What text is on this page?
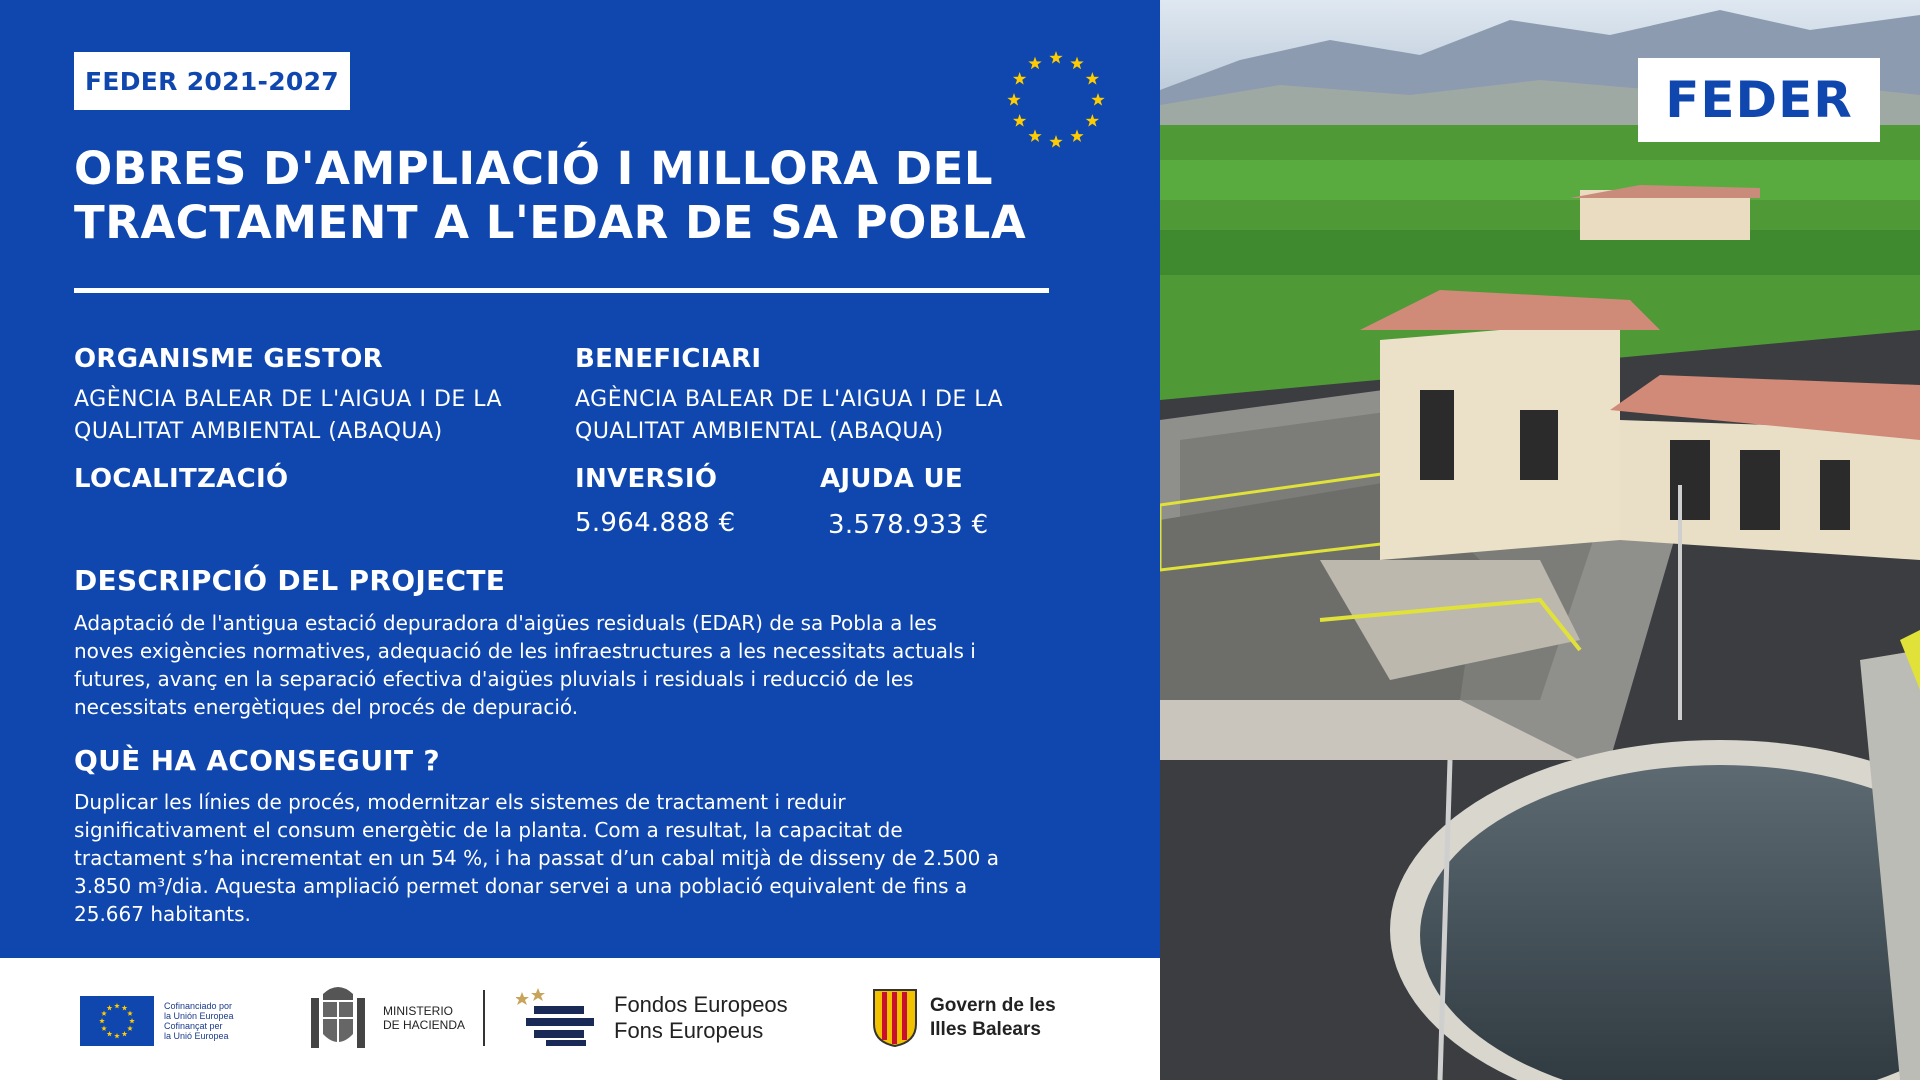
FEDER 2021-2027
OBRES D'AMPLIACIÓ I MILLORA DEL
TRACTAMENT A L'EDAR DE SA POBLA
ORGANISME GESTOR
AGÈNCIA BALEAR DE L'AIGUA I DE LA
QUALITAT AMBIENTAL (ABAQUA)
BENEFICIARI
AGÈNCIA BALEAR DE L'AIGUA I DE LA
QUALITAT AMBIENTAL (ABAQUA)
LOCALITZACIÓ	INVERSIÓ
5.964.888 €
AJUDA UE
3.578.933 €
DESCRIPCIÓ DEL PROJECTE

Adaptació de l'antigua estació depuradora d'aigües residuals (EDAR) de sa Pobla a les
noves exigències normatives, adequació de les infraestructures a les necessitats actuals i
futures, avanç en la separació efectiva d'aigües pluvials i residuals i reducció de les
necessitats energètiques del procés de depuració.

QUÈ HA ACONSEGUIT ?

Duplicar les línies de procés, modernitzar els sistemes de tractament i reduir
significativament el consum energètic de la planta. Com a resultat, la capacitat de
tractament s’ha incrementat en un 54 %, i ha passat d’un cabal mitjà de disseny de 2.500 a
3.850 m³/dia. Aquesta ampliació permet donar servei a una població equivalent de fins a
25.667 habitants.

FEDER
Cofinanciado por
la Unión Europea
Cofinançat per
la Unió Europea
MINISTERIO
DE HACIENDA
Fondos Europeos
Fons Europeus
Govern de les
Illes Balears
